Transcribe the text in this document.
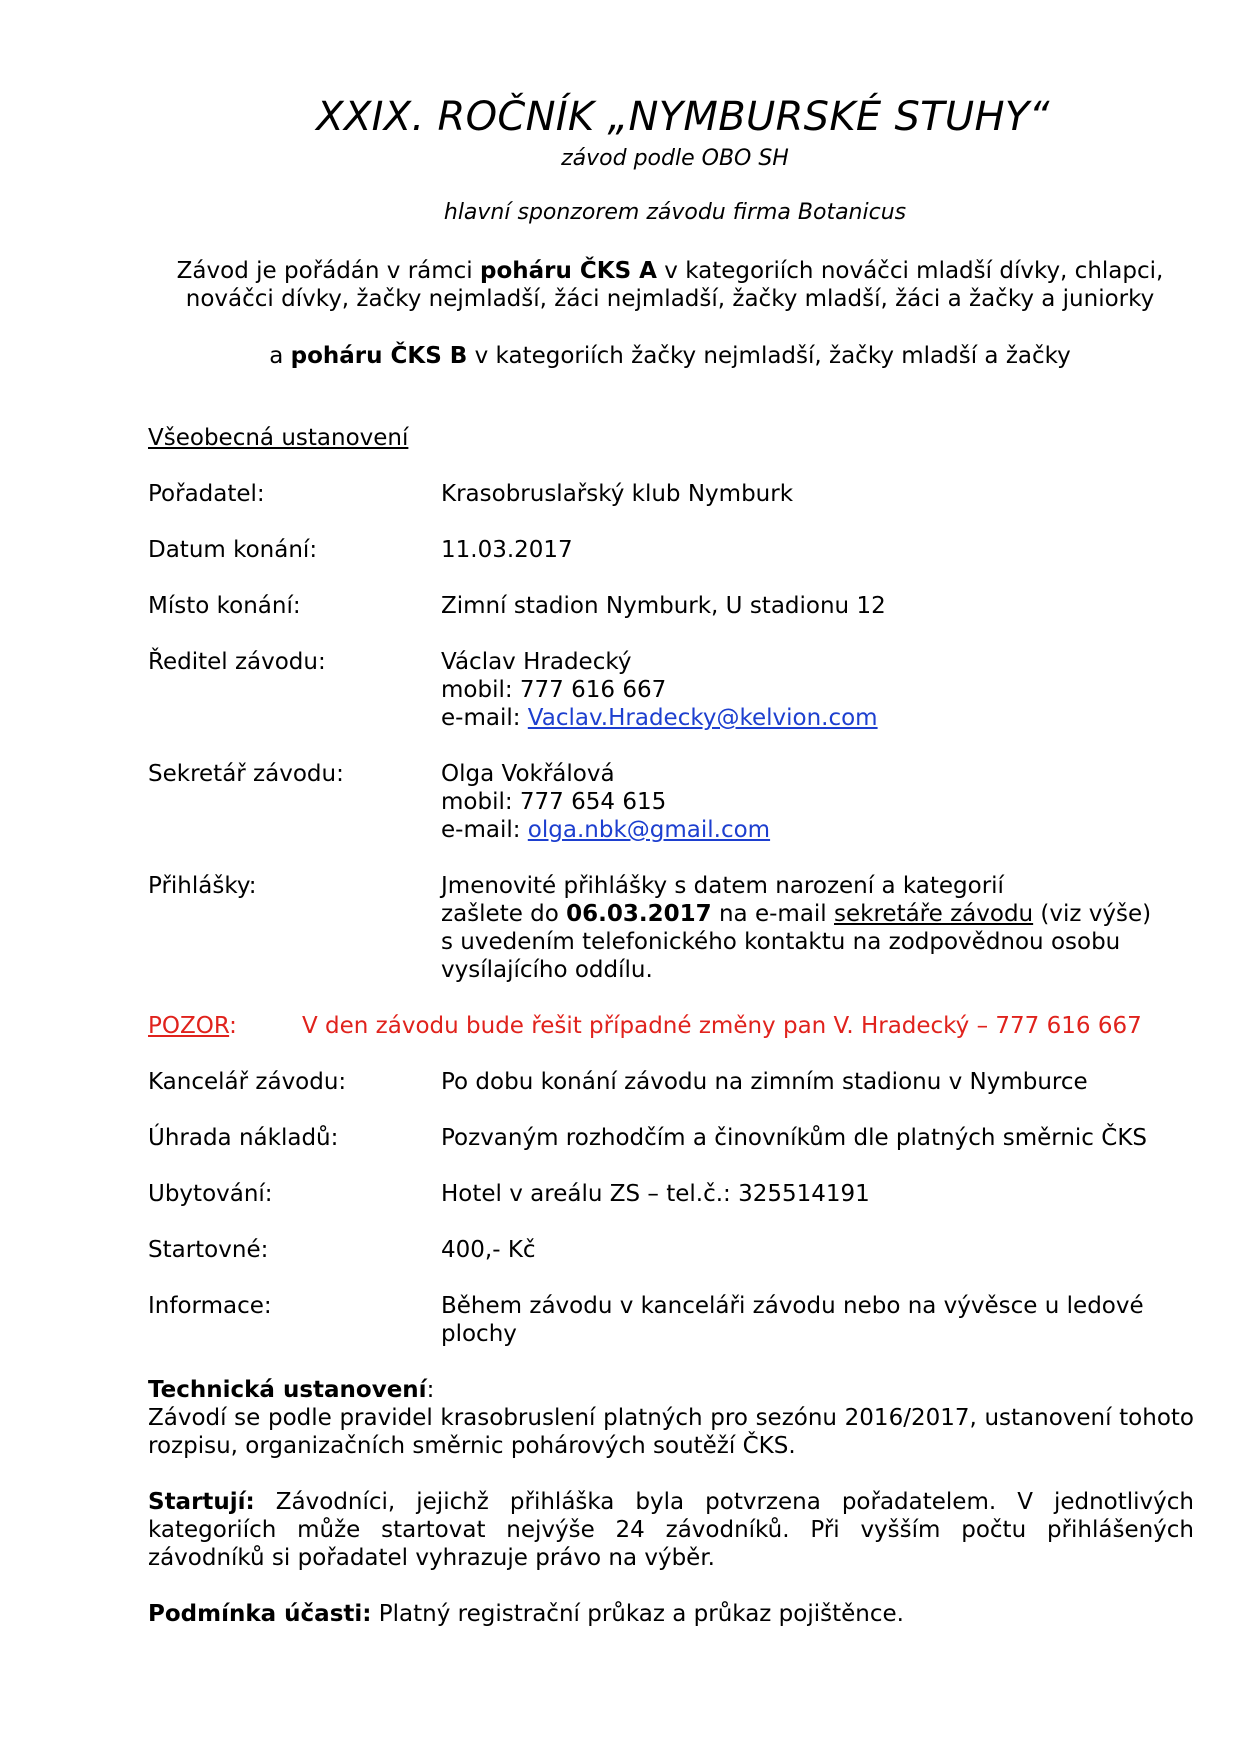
XXIX. ROČNÍK „NYMBURSKÉ STUHY“
závod podle OBO SH
hlavní sponzorem závodu firma Botanicus
Závod je pořádán v rámci poháru ČKS A v kategoriích nováčci mladší dívky, chlapci,
nováčci dívky, žačky nejmladší, žáci nejmladší, žačky mladší, žáci a žačky a juniorky
a poháru ČKS B v kategoriích žačky nejmladší, žačky mladší a žačky
Všeobecná ustanovení
Pořadatel:	Krasobruslařský klub Nymburk
Datum konání:	11.03.2017
Místo konání:	Zimní stadion Nymburk, U stadionu 12
Ředitel závodu:	Václav Hradecký
mobil: 777 616 667
e-mail: Vaclav.Hradecky@kelvion.com
Sekretář závodu:	Olga Vokřálová
mobil: 777 654 615
e-mail: olga.nbk@gmail.com
Přihlášky:	Jmenovité přihlášky s datem narození a kategorií
zašlete do 06.03.2017 na e-mail sekretáře závodu (viz výše)
s uvedením telefonického kontaktu na zodpovědnou osobu
vysílajícího oddílu.
POZOR:	V den závodu bude řešit případné změny pan V. Hradecký – 777 616 667
Kancelář závodu:	Po dobu konání závodu na zimním stadionu v Nymburce
Úhrada nákladů:	Pozvaným rozhodčím a činovníkům dle platných směrnic ČKS
Ubytování:	Hotel v areálu ZS – tel.č.: 325514191
Startovné:	400,- Kč
Informace:	Během závodu v kanceláři závodu nebo na vývěsce u ledové
plochy
Technická ustanovení:
Závodí se podle pravidel krasobruslení platných pro sezónu 2016/2017, ustanovení tohoto rozpisu, organizačních směrnic pohárových soutěží ČKS.
Startují: Závodníci, jejichž přihláška byla potvrzena pořadatelem. V jednotlivých kategoriích může startovat nejvýše 24 závodníků. Při vyšším počtu přihlášených závodníků si pořadatel vyhrazuje právo na výběr.
Podmínka účasti: Platný registrační průkaz a průkaz pojištěnce.
